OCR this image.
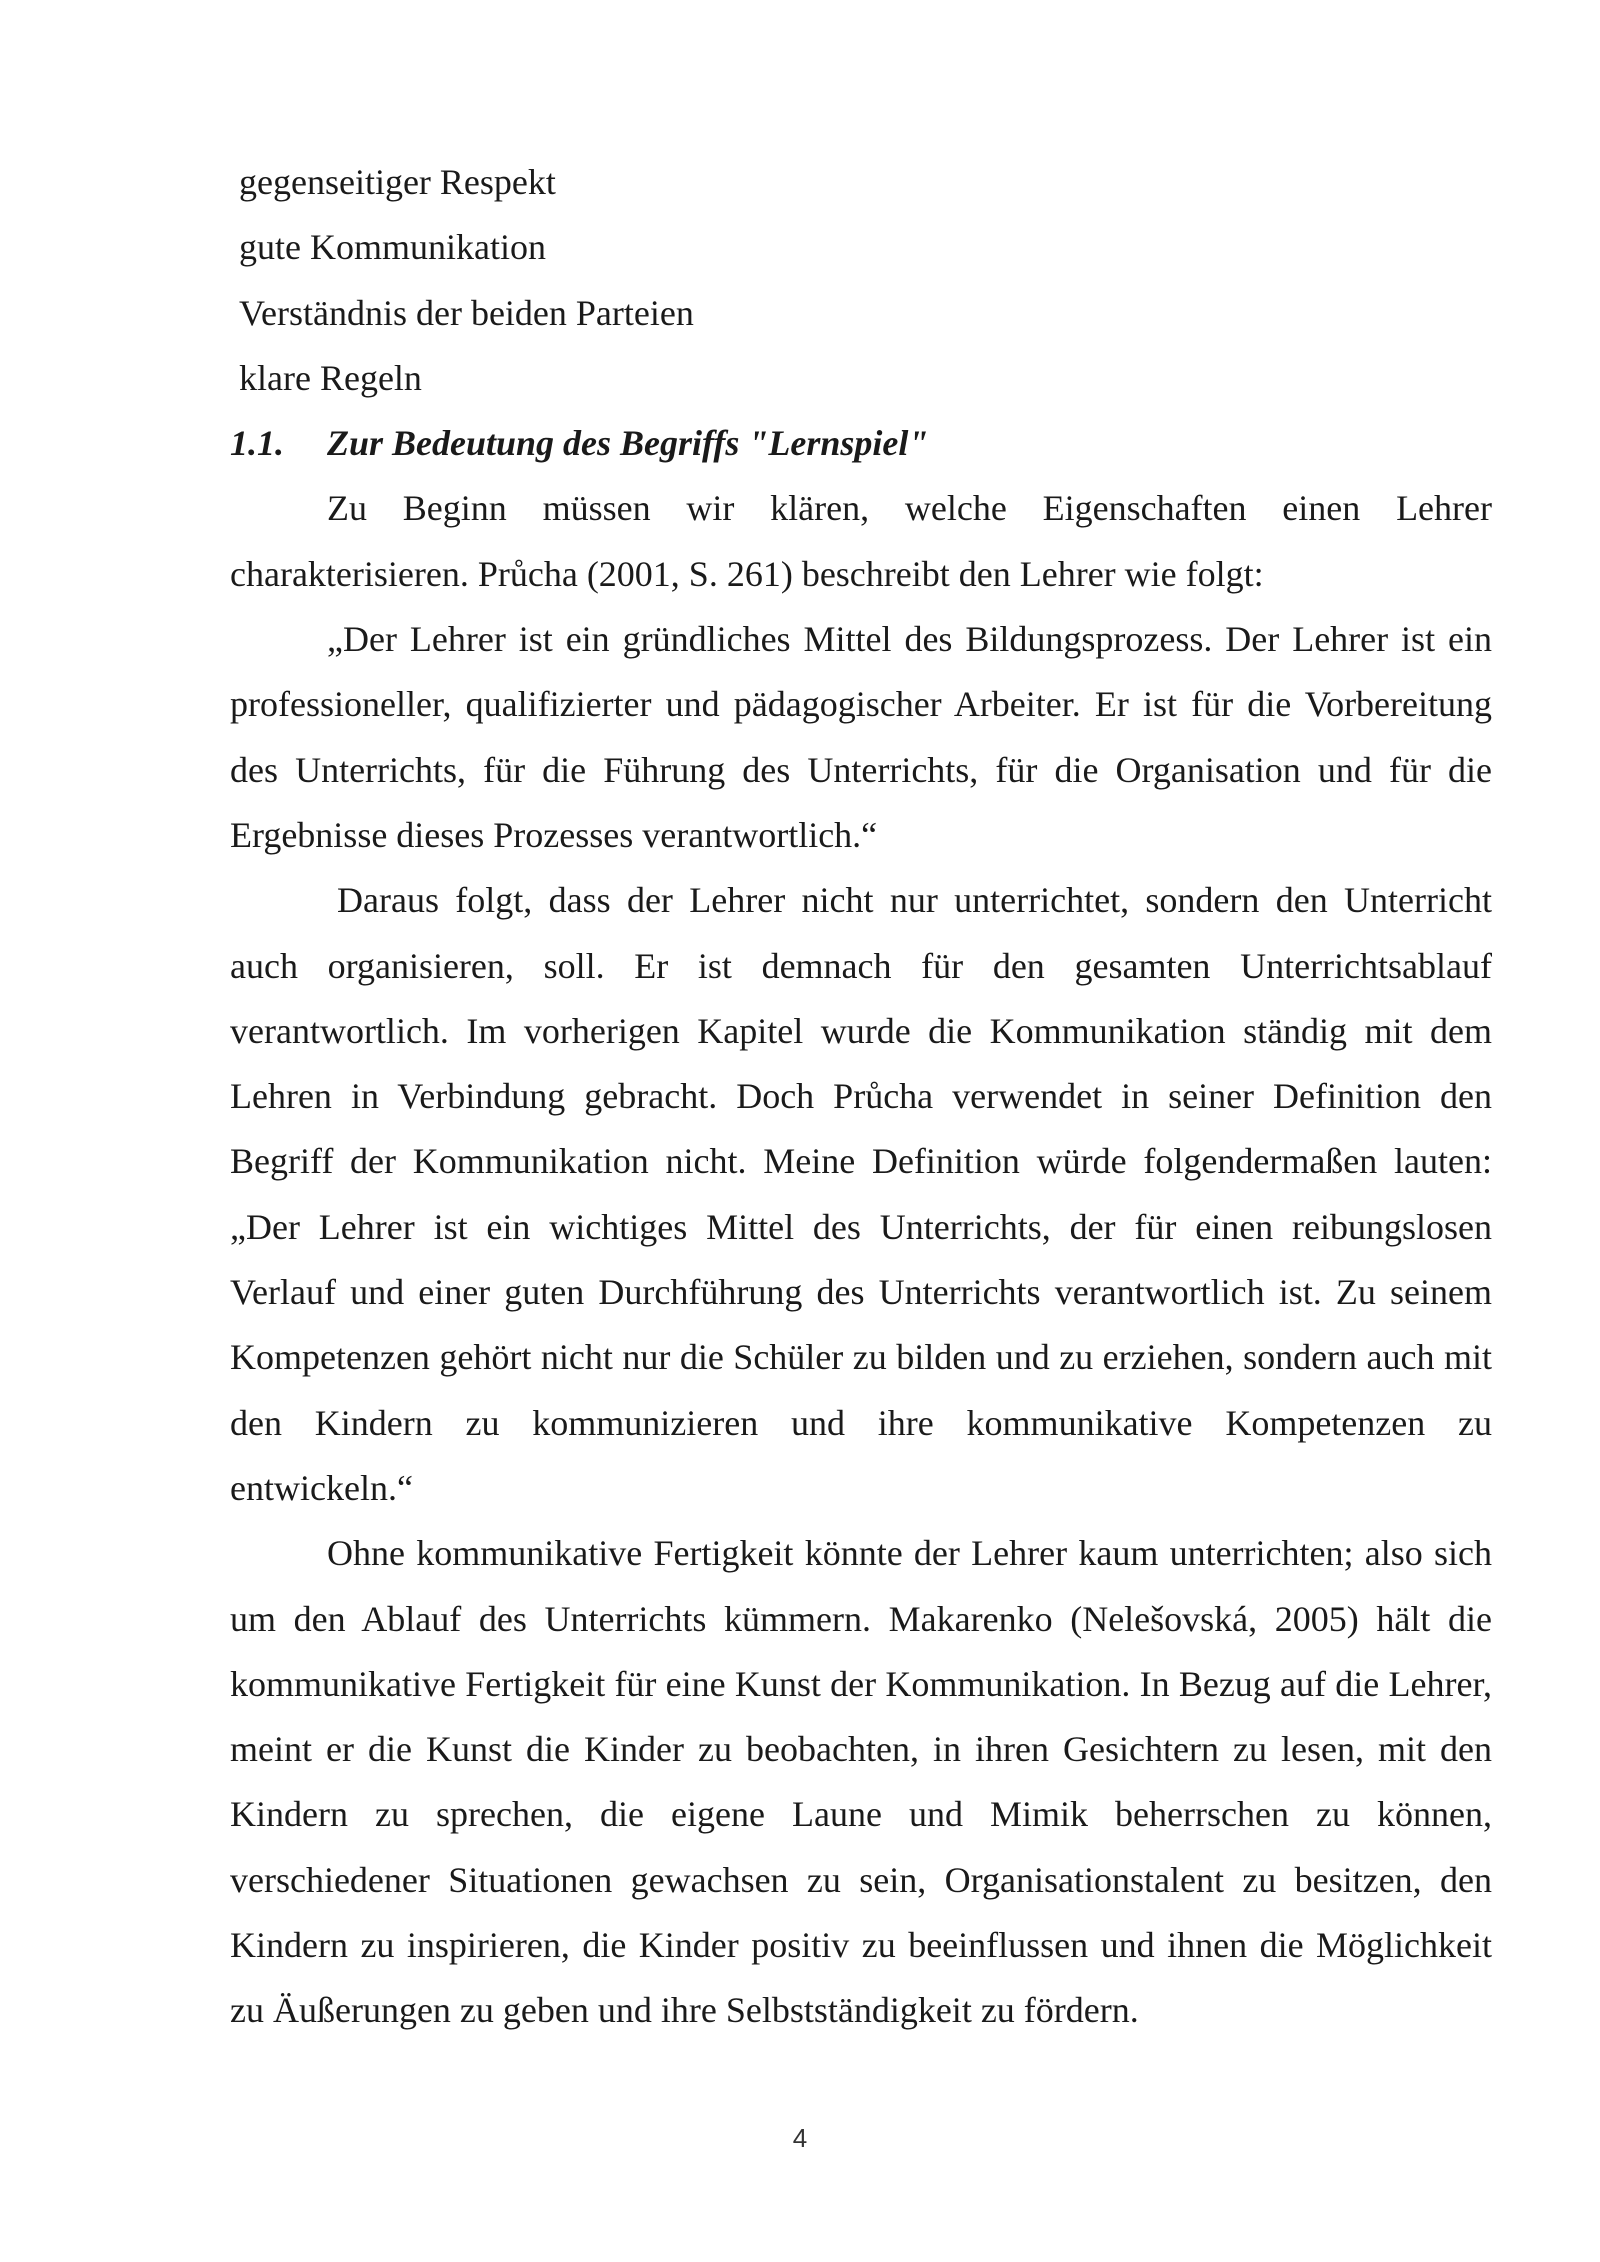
gegenseitiger Respekt
gute Kommunikation
Verständnis der beiden Parteien
klare Regeln
1.1.	Zur Bedeutung des Begriffs "Lernspiel"

Zu Beginn müssen wir klären, welche Eigenschaften einen Lehrer charakterisieren. Průcha (2001, S. 261) beschreibt den Lehrer wie folgt:

„Der Lehrer ist ein gründliches Mittel des Bildungsprozess. Der Lehrer ist ein professioneller, qualifizierter und pädagogischer Arbeiter. Er ist für die Vorbereitung des Unterrichts, für die Führung des Unterrichts, für die Organisation und für die Ergebnisse dieses Prozesses verantwortlich.“

Daraus folgt, dass der Lehrer nicht nur unterrichtet, sondern den Unterricht auch organisieren, soll. Er ist demnach für den gesamten Unterrichtsablauf verantwortlich. Im vorherigen Kapitel wurde die Kommunikation ständig mit dem Lehren in Verbindung gebracht. Doch Průcha verwendet in seiner Definition den Begriff der Kommunikation nicht. Meine Definition würde folgendermaßen lauten: „Der Lehrer ist ein wichtiges Mittel des Unterrichts, der für einen reibungslosen Verlauf und einer guten Durchführung des Unterrichts verantwortlich ist. Zu seinem Kompetenzen gehört nicht nur die Schüler zu bilden und zu erziehen, sondern auch mit den Kindern zu kommunizieren und ihre kommunikative Kompetenzen zu entwickeln.“

Ohne kommunikative Fertigkeit könnte der Lehrer kaum unterrichten; also sich um den Ablauf des Unterrichts kümmern. Makarenko (Nelešovská, 2005) hält die kommunikative Fertigkeit für eine Kunst der Kommunikation. In Bezug auf die Lehrer, meint er die Kunst die Kinder zu beobachten, in ihren Gesichtern zu lesen, mit den Kindern zu sprechen, die eigene Laune und Mimik beherrschen zu können, verschiedener Situationen gewachsen zu sein, Organisationstalent zu besitzen, den Kindern zu inspirieren, die Kinder positiv zu beeinflussen und ihnen die Möglichkeit zu Äußerungen zu geben und ihre Selbstständigkeit zu fördern.

4
